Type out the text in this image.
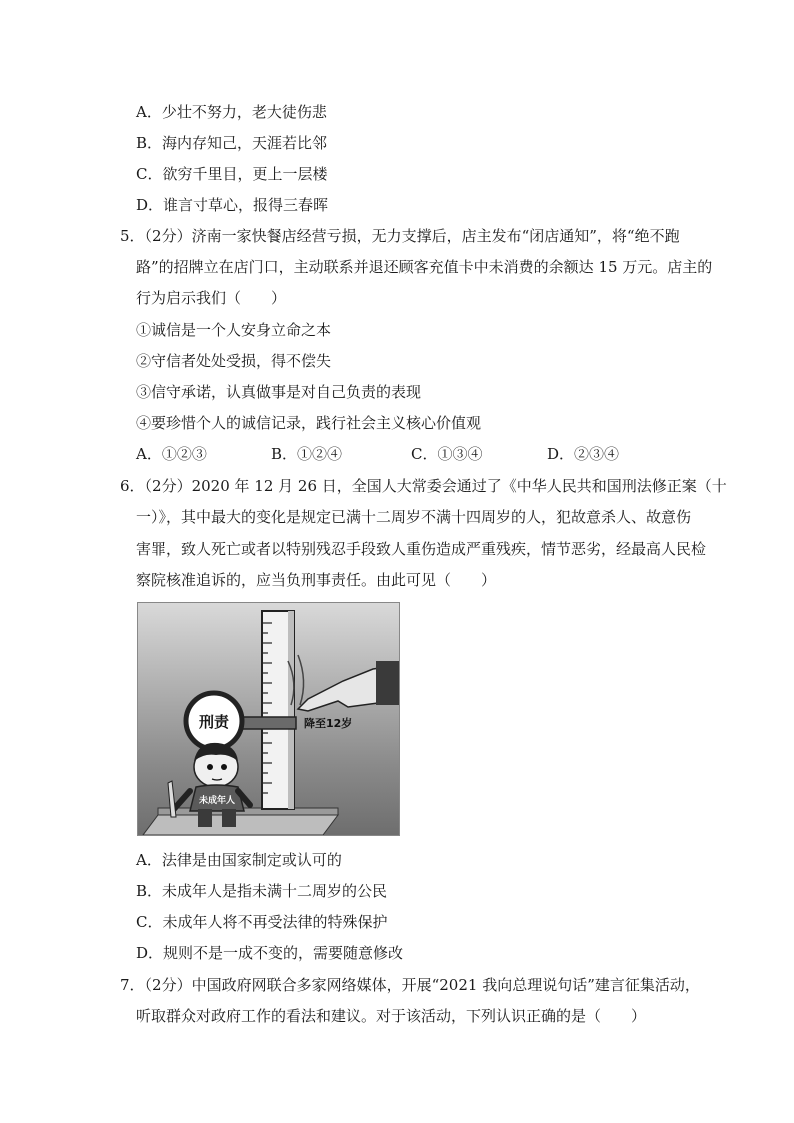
A．少壮不努力，老大徒伤悲
B．海内存知己，天涯若比邻
C．欲穷千里目，更上一层楼
D．谁言寸草心，报得三春晖
5．（2分）济南一家快餐店经营亏损，无力支撑后，店主发布“闭店通知”，将“绝不跑
路”的招牌立在店门口，主动联系并退还顾客充值卡中未消费的余额达 15 万元。店主的
行为启示我们（　　）
①诚信是一个人安身立命之本
②守信者处处受损，得不偿失
③信守承诺，认真做事是对自己负责的表现
④要珍惜个人的诚信记录，践行社会主义核心价值观
A．①②③	B．①②④	C．①③④	D．②③④
6．（2分）2020 年 12 月 26 日，全国人大常委会通过了《中华人民共和国刑法修正案（十
一）》，其中最大的变化是规定已满十二周岁不满十四周岁的人，犯故意杀人、故意伤
害罪，致人死亡或者以特别残忍手段致人重伤造成严重残疾，情节恶劣，经最高人民检
察院核准追诉的，应当负刑事责任。由此可见（　　）
刑责	降至12岁
未成年人
A．法律是由国家制定或认可的
B．未成年人是指未满十二周岁的公民
C．未成年人将不再受法律的特殊保护
D．规则不是一成不变的，需要随意修改
7．（2分）中国政府网联合多家网络媒体，开展“2021 我向总理说句话”建言征集活动，
听取群众对政府工作的看法和建议。对于该活动，下列认识正确的是（　　）
